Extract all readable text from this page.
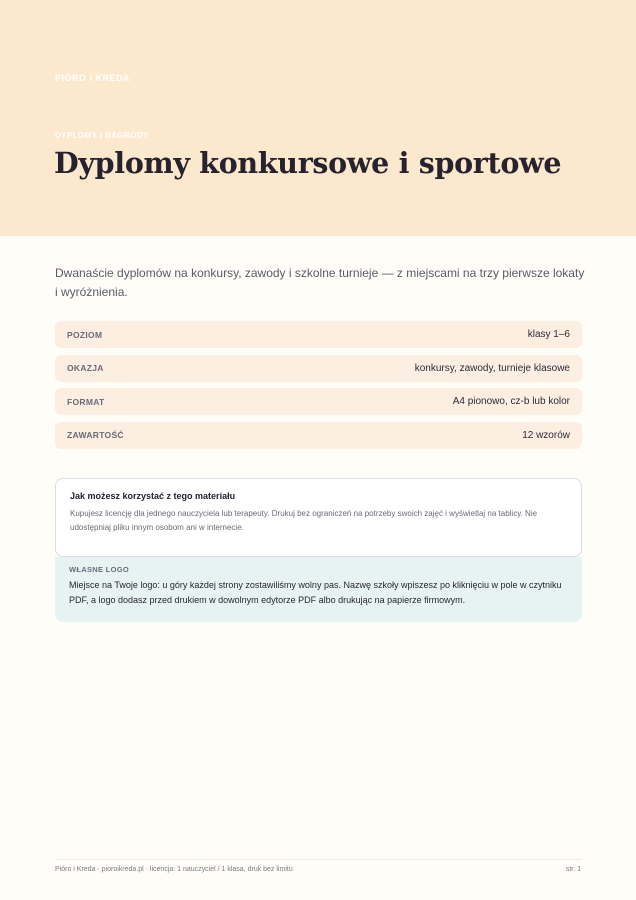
PIÓRO I KREDA
DYPLOMY I NAGRODY
Dyplomy konkursowe i sportowe

Dwanaście dyplomów na konkursy, zawody i szkolne turnieje — z miejscami na trzy pierwsze lokaty i wyróżnienia.

POZIOM	klasy 1–6
OKAZJA	konkursy, zawody, turnieje klasowe
FORMAT	A4 pionowo, cz-b lub kolor
ZAWARTOŚĆ	12 wzorów
Jak możesz korzystać z tego materiału
Kupujesz licencję dla jednego nauczyciela lub terapeuty. Drukuj bez ograniczeń na potrzeby swoich zajęć i wyświetlaj na tablicy. Nie udostępniaj pliku innym osobom ani w internecie.
WŁASNE LOGO
Miejsce na Twoje logo: u góry każdej strony zostawiliśmy wolny pas. Nazwę szkoły wpiszesz po kliknięciu w pole w czytniku PDF, a logo dodasz przed drukiem w dowolnym edytorze PDF albo drukując na papierze firmowym.
Pióro i Kreda · pioroikreda.pl · licencja: 1 nauczyciel / 1 klasa, druk bez limitu	str. 1
